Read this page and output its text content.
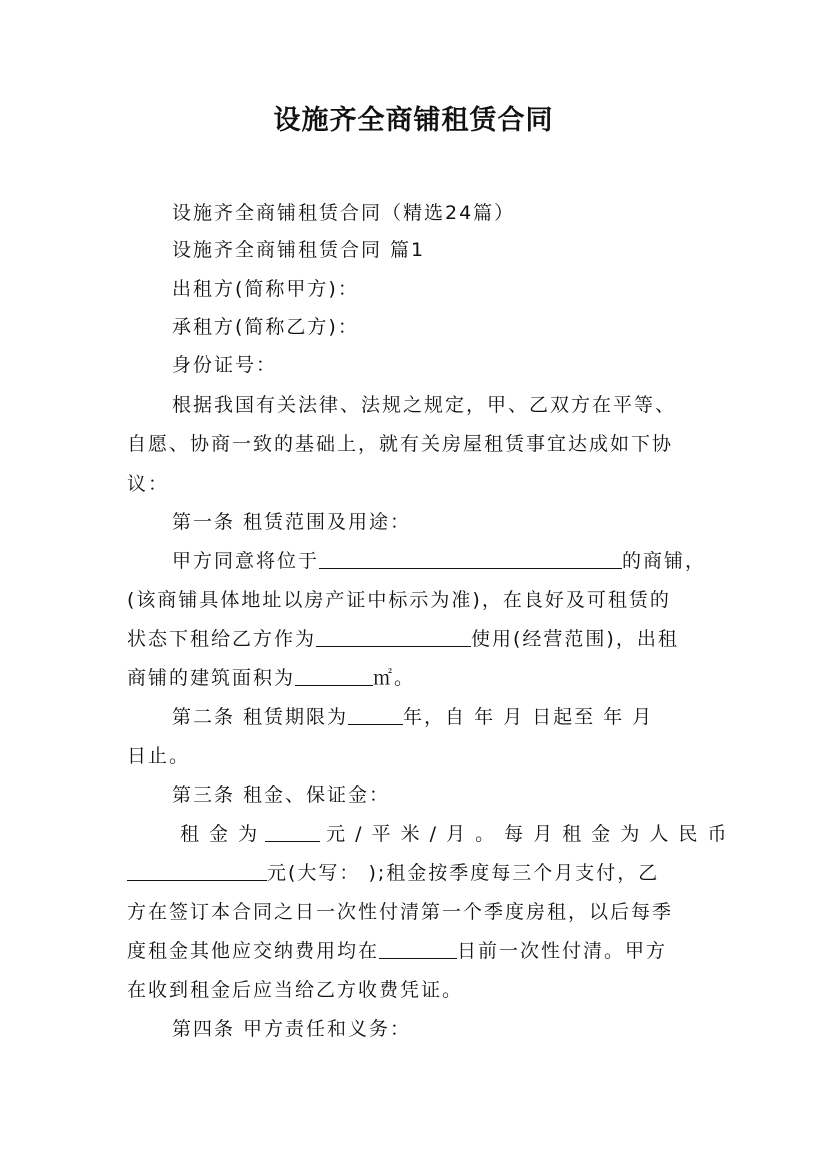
设施齐全商铺租赁合同
设施齐全商铺租赁合同（精选24篇）
设施齐全商铺租赁合同 篇1
出租方(简称甲方)：
承租方(简称乙方)：
身份证号：
根据我国有关法律、法规之规定，甲、乙双方在平等、
自愿、协商一致的基础上，就有关房屋租赁事宜达成如下协
议：
第一条 租赁范围及用途：
甲方同意将位于	的商铺，
(该商铺具体地址以房产证中标示为准)，在良好及可租赁的
状态下租给乙方作为	使用(经营范围)，出租
商铺的建筑面积为	㎡。
第二条 租赁期限为	年，自 年 月 日起至 年 月
日止。
第三条 租金、保证金：
租 金 为	元 / 平 米 / 月 。 每 月 租 金 为 人 民 币
元(大写： );租金按季度每三个月支付，乙
方在签订本合同之日一次性付清第一个季度房租，以后每季
度租金其他应交纳费用均在	日前一次性付清。甲方
在收到租金后应当给乙方收费凭证。
第四条 甲方责任和义务：
